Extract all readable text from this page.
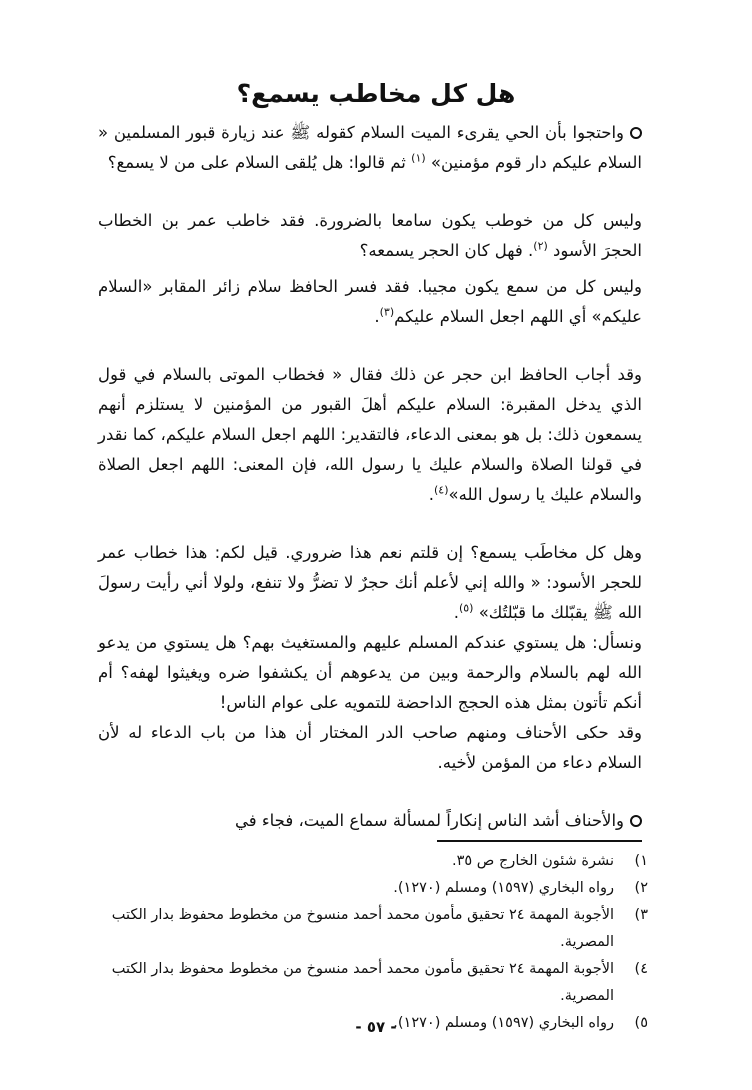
هل كل مخاطب يسمع؟

واحتجوا بأن الحي يقرىء الميت السلام كقوله ﷺ عند زيارة قبور المسلمين « السلام عليكم دار قوم مؤمنين» $^{(١)}$ ثم قالوا: هل يُلقى السلام على من لا يسمع؟

وليس كل من خوطب يكون سامعا بالضرورة. فقد خاطب عمر بن الخطاب الحجرَ الأسود $^{(٢)}$. فهل كان الحجر يسمعه؟

وليس كل من سمع يكون مجيبا. فقد فسر الحافظ سلام زائر المقابر «السلام عليكم» أي اللهم اجعل السلام عليكم$^{(٣)}$.

وقد أجاب الحافظ ابن حجر عن ذلك فقال « فخطاب الموتى بالسلام في قول الذي يدخل المقبرة: السلام عليكم أهلَ القبور من المؤمنين لا يستلزم أنهم يسمعون ذلك: بل هو بمعنى الدعاء، فالتقدير: اللهم اجعل السلام عليكم، كما نقدر في قولنا الصلاة والسلام عليك يا رسول الله، فإن المعنى: اللهم اجعل الصلاة والسلام عليك يا رسول الله»$^{(٤)}$.

وهل كل مخاطَب يسمع؟ إن قلتم نعم هذا ضروري. قيل لكم: هذا خطاب عمر للحجر الأسود: « والله إني لأعلم أنك حجرٌ لا تضرُّ ولا تنفع، ولولا أني رأيت رسولَ الله ﷺ يقبّلك ما قبّلتُك» $^{(٥)}$.

ونسأل: هل يستوي عندكم المسلم عليهم والمستغيث بهم؟ هل يستوي من يدعو الله لهم بالسلام والرحمة وبين من يدعوهم أن يكشفوا ضره ويغيثوا لهفه؟ أم أنكم تأتون بمثل هذه الحجج الداحضة للتمويه على عوام الناس!

وقد حكى الأحناف ومنهم صاحب الدر المختار أن هذا من باب الدعاء له لأن السلام دعاء من المؤمن لأخيه.

والأحناف أشد الناس إنكاراً لمسألة سماع الميت، فجاء في

١)
نشرة شئون الخارج ص ٣٥.
٢)
رواه البخاري (١٥٩٧) ومسلم (١٢٧٠).
٣)
الأجوبة المهمة ٢٤ تحقيق مأمون محمد أحمد منسوخ من مخطوط محفوظ بدار الكتب المصرية.
٤)
الأجوبة المهمة ٢٤ تحقيق مأمون محمد أحمد منسوخ من مخطوط محفوظ بدار الكتب المصرية.
٥)
رواه البخاري (١٥٩٧) ومسلم (١٢٧٠).
- ٥٧ -
